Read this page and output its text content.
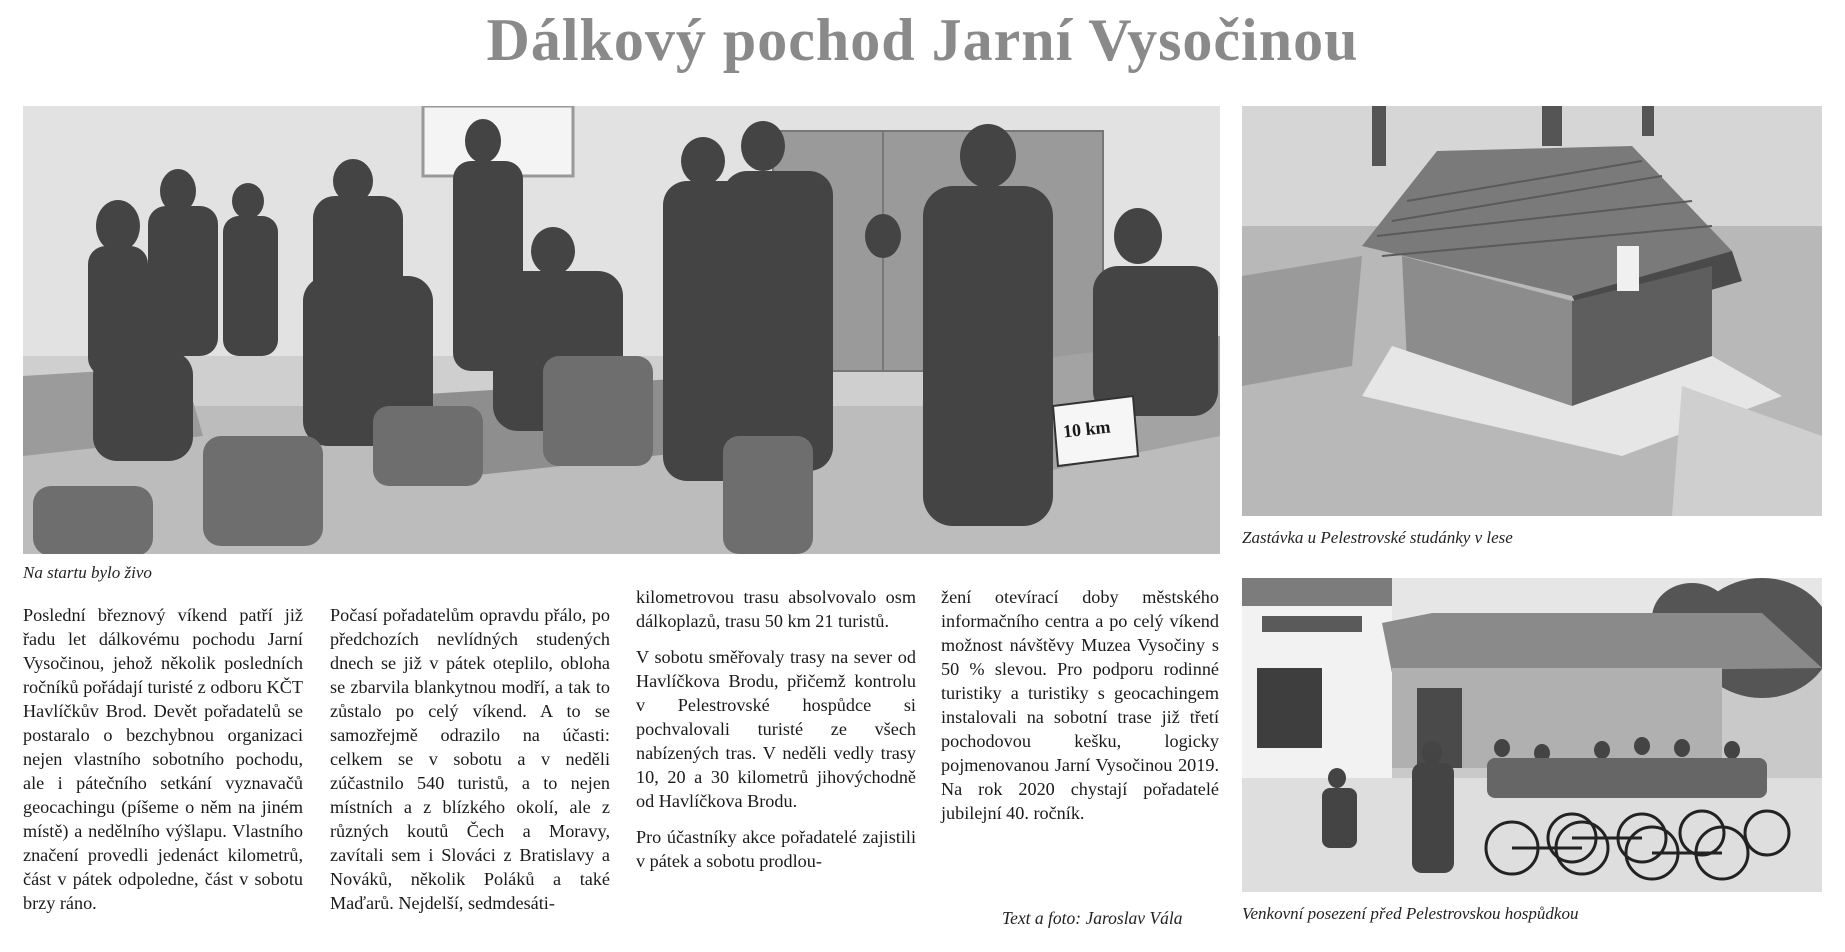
Dálkový pochod Jarní Vysočinou
10 km
Na startu bylo živo
Zastávka u Pelestrovské studánky v lese
Venkovní posezení před Pelestrovskou hospůdkou

Poslední březnový víkend patří již řadu let dálkovému pochodu Jarní Vysočinou, jehož několik posledních ročníků pořádají turisté z odboru KČT Havlíčkův Brod. Devět pořadatelů se postaralo o bezchybnou organizaci nejen vlastního sobotního pochodu, ale i pátečního setkání vyznavačů geocachingu (píšeme o něm na jiném místě) a nedělního výšlapu. Vlastního značení provedli jedenáct kilometrů, část v pátek odpoledne, část v sobotu brzy ráno.

Počasí pořadatelům opravdu přálo, po předchozích nevlídných studených dnech se již v pátek oteplilo, obloha se zbarvila blankytnou modří, a tak to zůstalo po celý víkend. A to se samozřejmě odrazilo na účasti: celkem se v sobotu a v neděli zúčastnilo 540 turistů, a to nejen místních a z blízkého okolí, ale z různých koutů Čech a Moravy, zavítali sem i Slováci z Bratislavy a Nováků, několik Poláků a také Maďarů. Nejdelší, sedmdesáti-

kilometrovou trasu absolvovalo osm dálkoplazů, trasu 50 km 21 turistů.

V sobotu směřovaly trasy na sever od Havlíčkova Brodu, přičemž kontrolu v Pelestrovské hospůdce si pochvalovali turisté ze všech nabízených tras. V neděli vedly trasy 10, 20 a 30 kilometrů jihovýchodně od Havlíčkova Brodu.

Pro účastníky akce pořadatelé zajistili v pátek a sobotu prodlou-

žení otevírací doby městského informačního centra a po celý víkend možnost návštěvy Muzea Vysočiny s 50 % slevou. Pro podporu rodinné turistiky a turistiky s geocachingem instalovali na sobotní trase již třetí pochodovou kešku, logicky pojmenovanou Jarní Vysočinou 2019. Na rok 2020 chystají pořadatelé jubilejní 40. ročník.

Text a foto: Jaroslav Vála
